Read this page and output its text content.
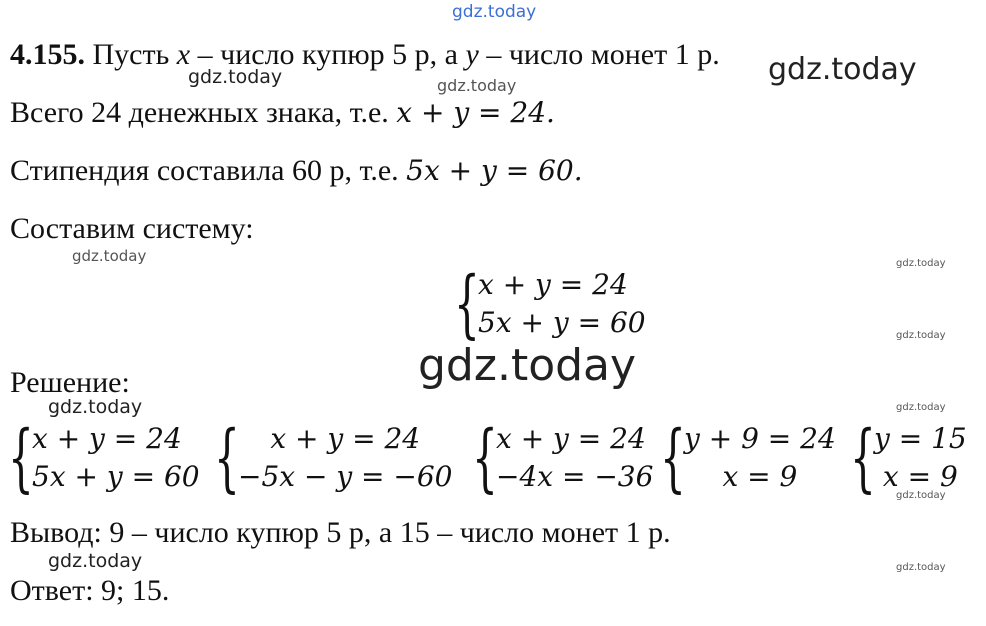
gdz.today
gdz.today	gdz.today	gdz.today
gdz.today	gdz.today
gdz.today
gdz.today
gdz.today	gdz.today
gdz.today
gdz.today	gdz.today
4.155. Пусть x – число купюр 5 р, а y – число монет 1 р.
Всего 24 денежных знака, т.е. x + y = 24.
Стипендия составила 60 р, т.е. 5x + y = 60.
Составим систему:
{
x + y = 24
5x + y = 60
Решение:
{
x + y = 24
5x + y = 60 { x + y = 24
−5x − y = −60 {
x + y = 24
−4x = −36 {
y + 9 = 24
x = 9 {
y = 15
x = 9
Вывод: 9 – число купюр 5 р, а 15 – число монет 1 р.
Ответ: 9; 15.
